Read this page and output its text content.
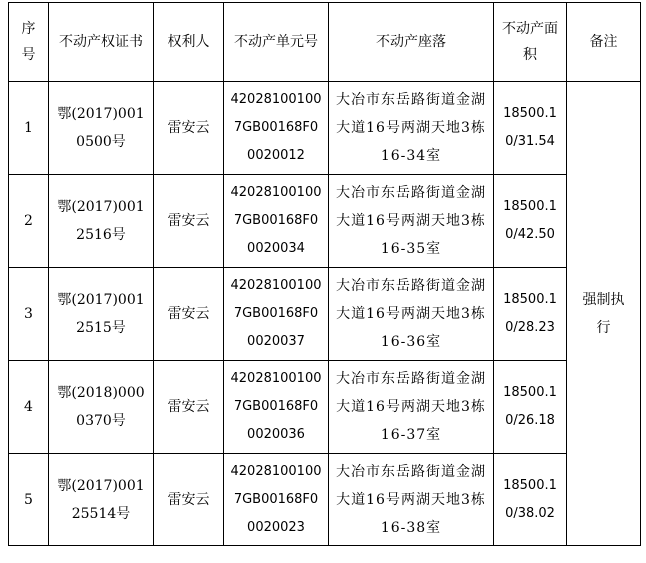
序号	不动产权证书	权利人	不动产单元号	不动产座落	不动产面积	备注

1	鄂(2017)0010500号	雷安云	420281001007GB00168F00020012	大冶市东岳路街道金湖大道16号两湖天地3栋16-34室	18500.10/31.54	强制执行

2	鄂(2017)0012516号	雷安云	420281001007GB00168F00020034	大冶市东岳路街道金湖大道16号两湖天地3栋16-35室	18500.10/42.50	

3	鄂(2017)0012515号	雷安云	420281001007GB00168F00020037	大冶市东岳路街道金湖大道16号两湖天地3栋16-36室	18500.10/28.23	

4	鄂(2018)0000370号	雷安云	420281001007GB00168F00020036	大冶市东岳路街道金湖大道16号两湖天地3栋16-37室	18500.10/26.18	

5	鄂(2017)00125514号	雷安云	420281001007GB00168F00020023	大冶市东岳路街道金湖大道16号两湖天地3栋16-38室	18500.10/38.02	
